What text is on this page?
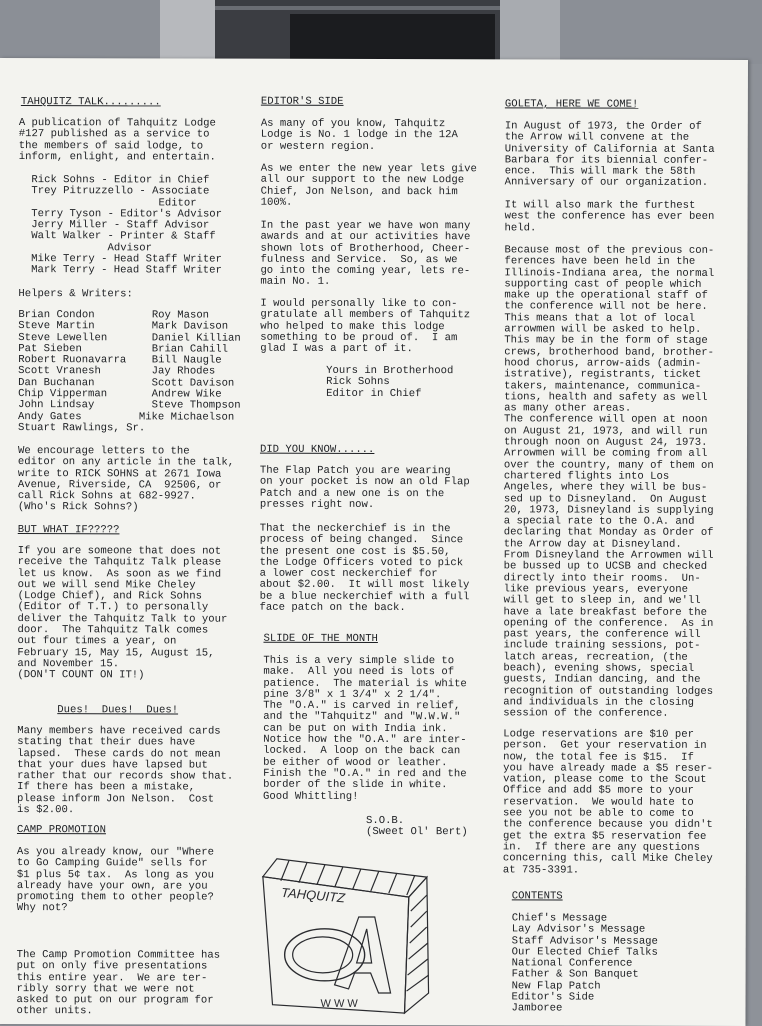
TAHQUITZ TALK.........
A publication of Tahquitz Lodge
#127 published as a service to
the members of said lodge, to
inform, enlight, and entertain.
Rick Sohns - Editor in Chief
Trey Pitruzzello - Associate
Editor
Terry Tyson - Editor's Advisor
Jerry Miller - Staff Advisor
Walt Walker - Printer & Staff
Advisor
Mike Terry - Head Staff Writer
Mark Terry - Head Staff Writer
Helpers & Writers:
Brian Condon         Roy Mason
Steve Martin         Mark Davison
Steve Lewellen       Daniel Killian
Pat Sieben           Brian Cahill
Robert Ruonavarra    Bill Naugle
Scott Vranesh        Jay Rhodes
Dan Buchanan         Scott Davison
Chip Vipperman       Andrew Wike
John Lindsay         Steve Thompson
Andy Gates         Mike Michaelson
Stuart Rawlings, Sr.
We encourage letters to the
editor on any article in the talk,
write to RICK SOHNS at 2671 Iowa
Avenue, Riverside, CA  92506, or
call Rick Sohns at 682-9927.
(Who's Rick Sohns?)
BUT WHAT IF?????
If you are someone that does not
receive the Tahquitz Talk please
let us know.  As soon as we find
out we will send Mike Cheley
(Lodge Chief), and Rick Sohns
(Editor of T.T.) to personally
deliver the Tahquitz Talk to your
door.  The Tahquitz Talk comes
out four times a year, on
February 15, May 15, August 15,
and November 15.
(DON'T COUNT ON IT!)
Dues!  Dues!  Dues!
Many members have received cards
stating that their dues have
lapsed.  These cards do not mean
that your dues have lapsed but
rather that our records show that.
If there has been a mistake,
please inform Jon Nelson.  Cost
is $2.00.
CAMP PROMOTION
As you already know, our "Where
to Go Camping Guide" sells for
$1 plus 5¢ tax.  As long as you
already have your own, are you
promoting them to other people?
Why not?
The Camp Promotion Committee has
put on only five presentations
this entire year.  We are ter-
ribly sorry that we were not
asked to put on our program for
other units.
EDITOR'S SIDE
As many of you know, Tahquitz
Lodge is No. 1 lodge in the 12A
or western region.
As we enter the new year lets give
all our support to the new Lodge
Chief, Jon Nelson, and back him
100%.
In the past year we have won many
awards and at our activities have
shown lots of Brotherhood, Cheer-
fulness and Service.  So, as we
go into the coming year, lets re-
main No. 1.
I would personally like to con-
gratulate all members of Tahquitz
who helped to make this lodge
something to be proud of.  I am
glad I was a part of it.
Yours in Brotherhood
Rick Sohns
Editor in Chief
DID YOU KNOW......
The Flap Patch you are wearing
on your pocket is now an old Flap
Patch and a new one is on the
presses right now.
That the neckerchief is in the
process of being changed.  Since
the present one cost is $5.50,
the Lodge Officers voted to pick
a lower cost neckerchief for
about $2.00.  It will most likely
be a blue neckerchief with a full
face patch on the back.
SLIDE OF THE MONTH
This is a very simple slide to
make.  All you need is lots of
patience.  The material is white
pine 3/8" x 1 3/4" x 2 1/4".
The "O.A." is carved in relief,
and the "Tahquitz" and "W.W.W."
can be put on with India ink.
Notice how the "O.A." are inter-
locked.  A loop on the back can
be either of wood or leather.
Finish the "O.A." in red and the
border of the slide in white.
Good Whittling!
S.O.B.
(Sweet Ol' Bert)
TAHQUITZ
W W W
GOLETA, HERE WE COME!
In August of 1973, the Order of
the Arrow will convene at the
University of California at Santa
Barbara for its biennial confer-
ence.  This will mark the 58th
Anniversary of our organization.
It will also mark the furthest
west the conference has ever been
held.
Because most of the previous con-
ferences have been held in the
Illinois-Indiana area, the normal
supporting cast of people which
make up the operational staff of
the conference will not be here.
This means that a lot of local
arrowmen will be asked to help.
This may be in the form of stage
crews, brotherhood band, brother-
hood chorus, arrow-aids (admin-
istrative), registrants, ticket
takers, maintenance, communica-
tions, health and safety as well
as many other areas.
The conference will open at noon
on August 21, 1973, and will run
through noon on August 24, 1973.
Arrowmen will be coming from all
over the country, many of them on
chartered flights into Los
Angeles, where they will be bus-
sed up to Disneyland.  On August
20, 1973, Disneyland is supplying
a special rate to the O.A. and
declaring that Monday as Order of
the Arrow day at Disneyland.
From Disneyland the Arrowmen will
be bussed up to UCSB and checked
directly into their rooms.  Un-
like previous years, everyone
will get to sleep in, and we'll
have a late breakfast before the
opening of the conference.  As in
past years, the conference will
include training sessions, pot-
latch areas, recreation, (the
beach), evening shows, special
guests, Indian dancing, and the
recognition of outstanding lodges
and individuals in the closing
session of the conference.
Lodge reservations are $10 per
person.  Get your reservation in
now, the total fee is $15.  If
you have already made a $5 reser-
vation, please come to the Scout
Office and add $5 more to your
reservation.  We would hate to
see you not be able to come to
the conference because you didn't
get the extra $5 reservation fee
in.  If there are any questions
concerning this, call Mike Cheley
at 735-3391.
CONTENTS
Chief's Message
Lay Advisor's Message
Staff Advisor's Message
Our Elected Chief Talks
National Conference
Father & Son Banquet
New Flap Patch
Editor's Side
Jamboree
